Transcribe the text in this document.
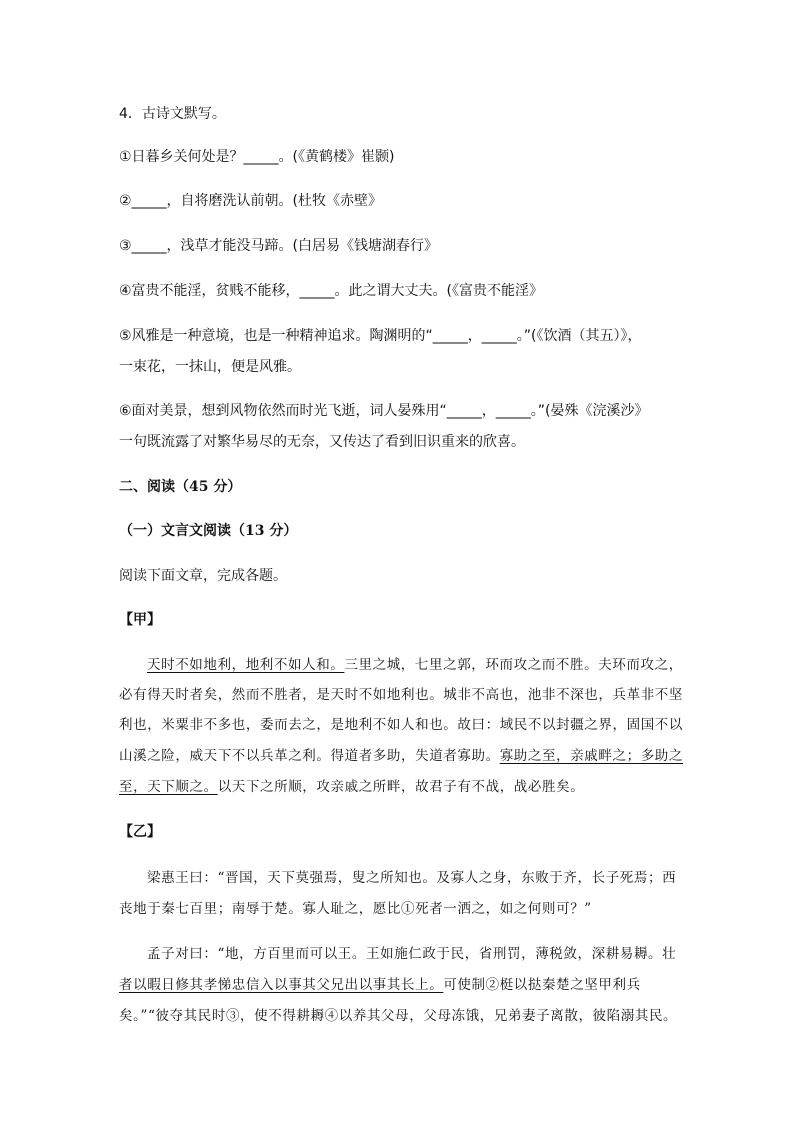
4．古诗文默写。
①日暮乡关何处是？_____。(《黄鹤楼》崔颢)
②_____，自将磨洗认前朝。(杜牧《赤壁》
③_____，浅草才能没马蹄。(白居易《钱塘湖春行》
④富贵不能淫，贫贱不能移，_____。此之谓大丈夫。(《富贵不能淫》
⑤风雅是一种意境，也是一种精神追求。陶渊明的“_____，_____。”(《饮酒（其五）》，
一束花，一抹山，便是风雅。
⑥面对美景，想到风物依然而时光飞逝，词人晏殊用“_____，_____。”(晏殊《浣溪沙》
一句既流露了对繁华易尽的无奈，又传达了看到旧识重来的欣喜。
二、阅读（45 分）
（一）文言文阅读（13 分）
阅读下面文章，完成各题。
【甲】
天时不如地利，地利不如人和。三里之城，七里之郭，环而攻之而不胜。夫环而攻之，
必有得天时者矣，然而不胜者，是天时不如地利也。城非不高也，池非不深也，兵革非不坚
利也，米粟非不多也，委而去之，是地利不如人和也。故曰：域民不以封疆之界，固国不以
山溪之险，威天下不以兵革之利。得道者多助，失道者寡助。寡助之至，亲戚畔之；多助之
至，天下顺之。以天下之所顺，攻亲戚之所畔，故君子有不战，战必胜矣。
【乙】
梁惠王曰：“晋国，天下莫强焉，叟之所知也。及寡人之身，东败于齐，长子死焉；西
丧地于秦七百里；南辱于楚。寡人耻之，愿比①死者一洒之，如之何则可？”
孟子对曰：“地，方百里而可以王。王如施仁政于民，省刑罚，薄税敛，深耕易耨。壮
者以暇日修其孝悌忠信入以事其父兄出以事其长上。可使制②梃以挞秦楚之坚甲利兵
矣。”“彼夺其民时③，使不得耕耨④以养其父母，父母冻饿，兄弟妻子离散，彼陷溺其民。
